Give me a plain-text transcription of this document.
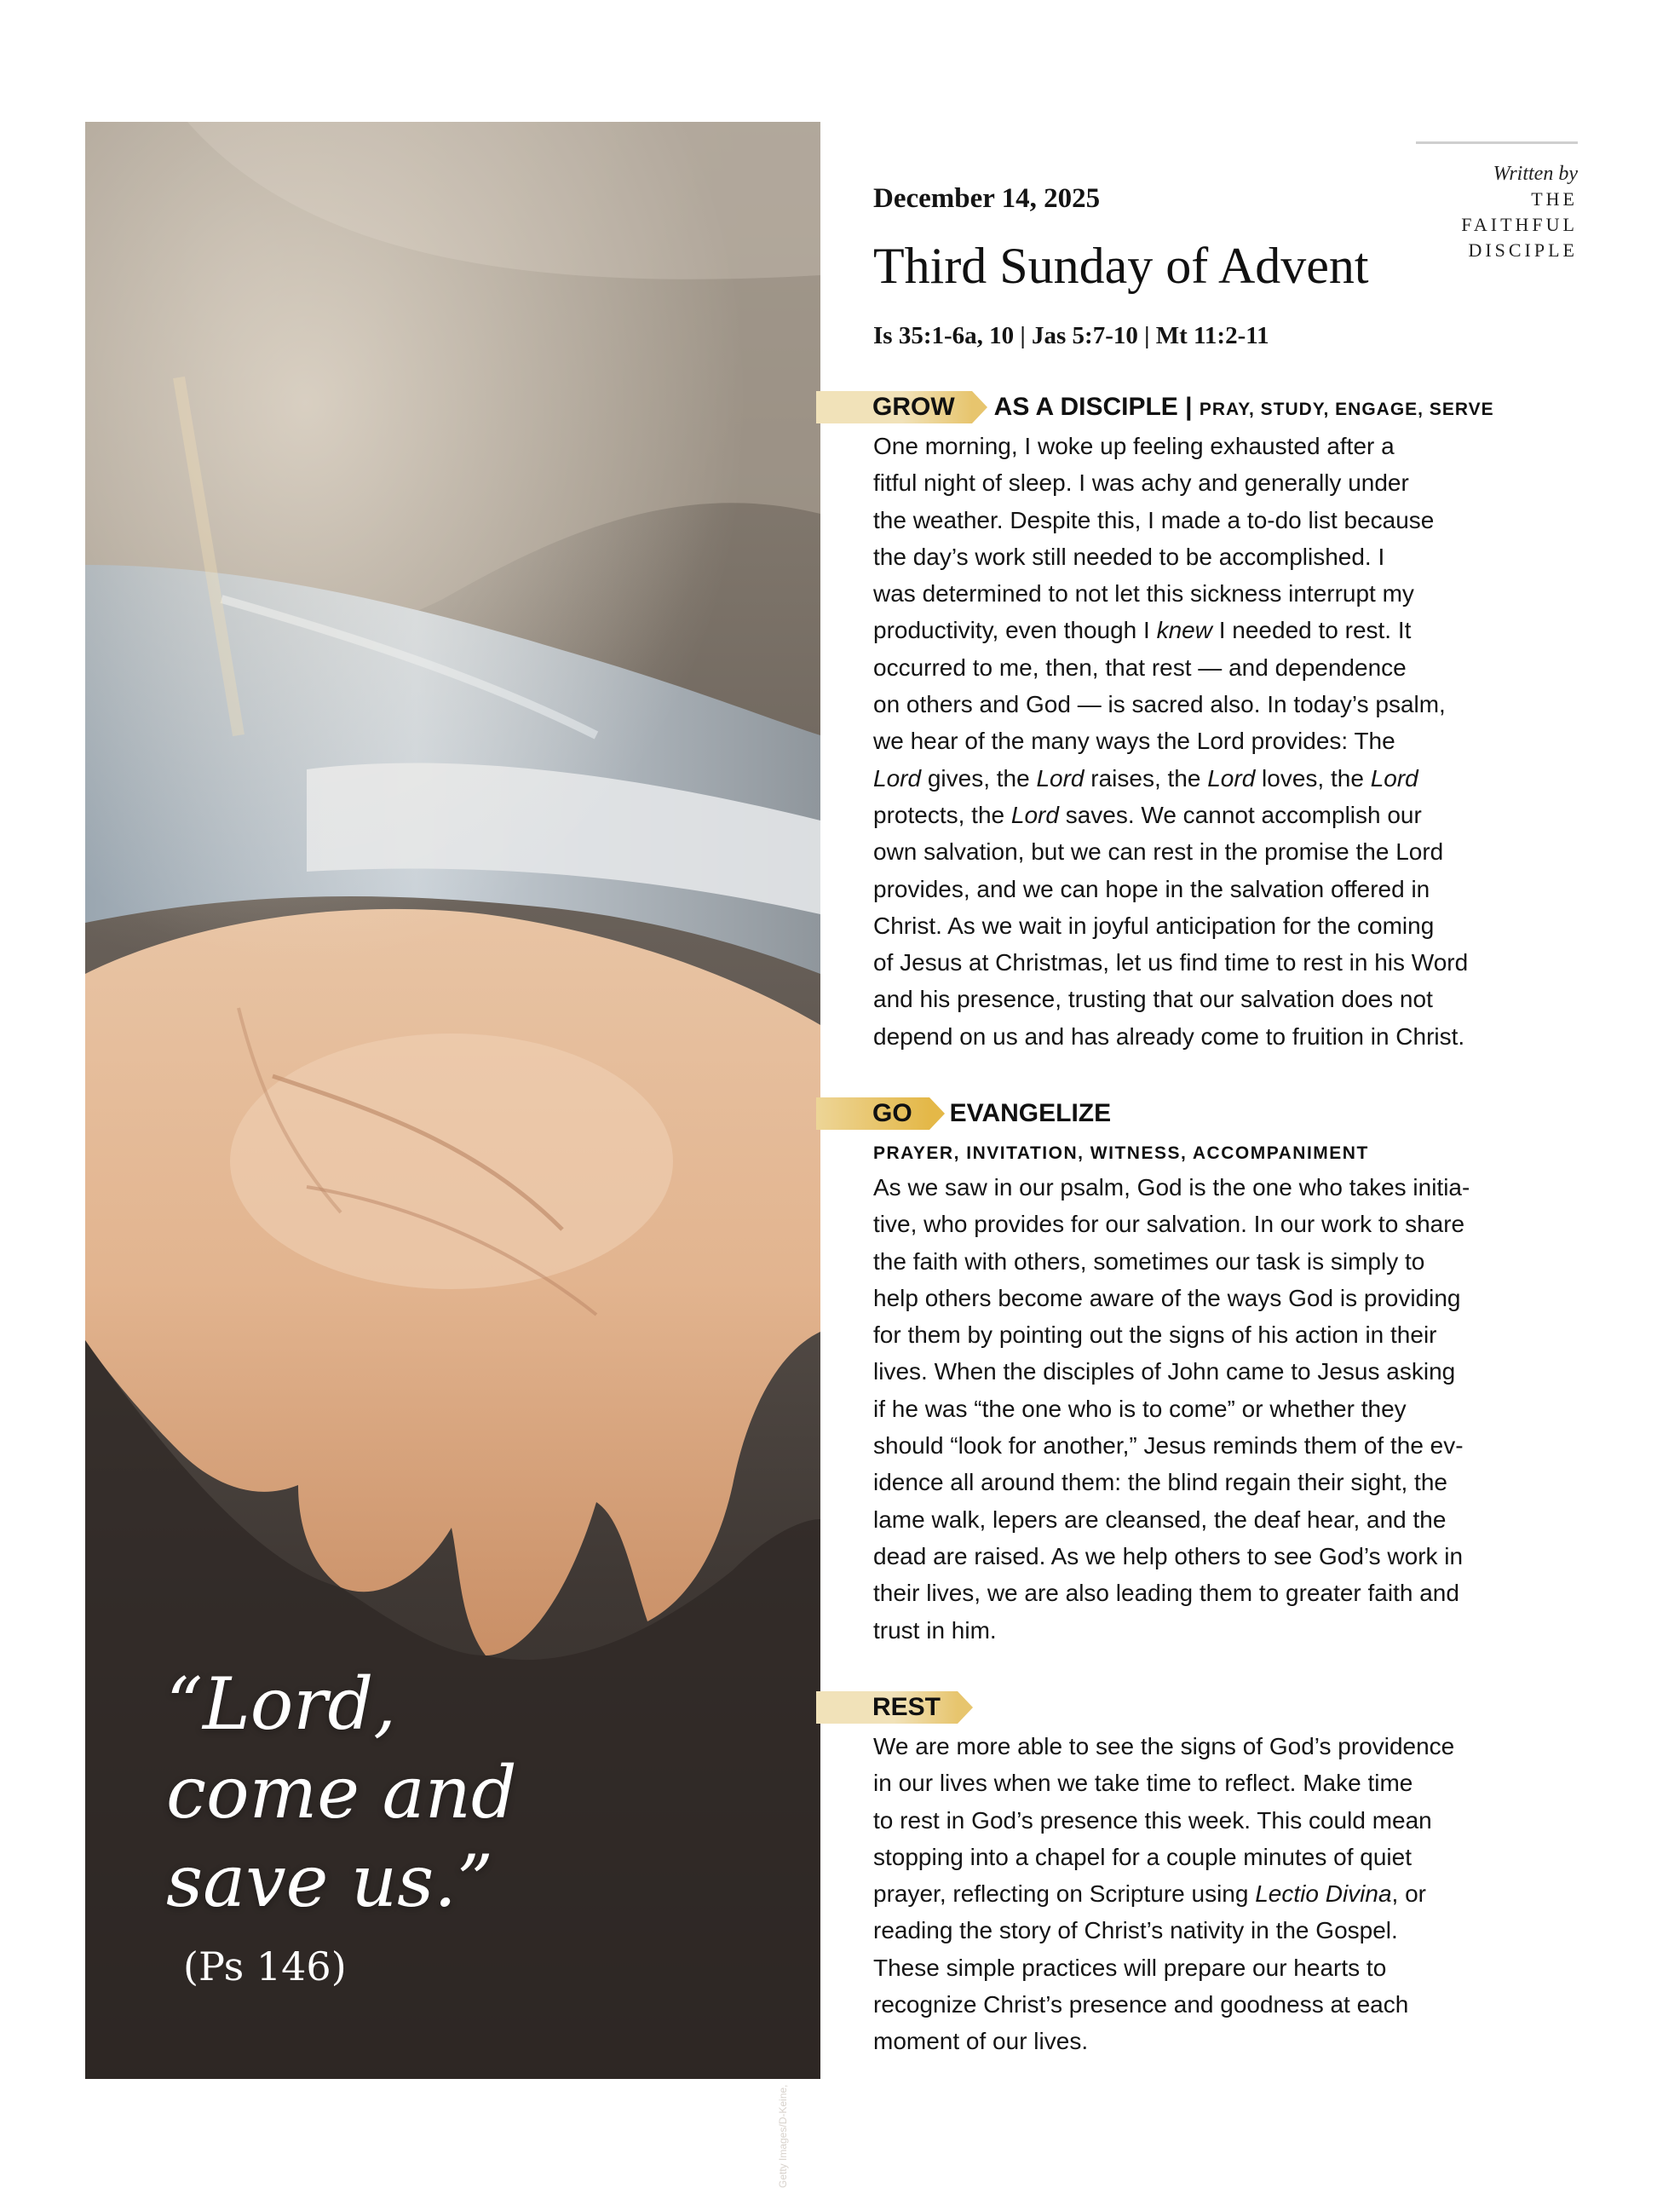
“Lord,
come and
save us.”
(Ps 146)
Getty Images/D-Keine,
Written by
THE
FAITHFUL
DISCIPLE
December 14, 2025
Third Sunday of Advent
Is 35:1-6a, 10 | Jas 5:7-10 | Mt 11:2-11
GROW	AS A DISCIPLE | PRAY, STUDY, ENGAGE, SERVE
One morning, I woke up feeling exhausted after a
fitful night of sleep. I was achy and generally under
the weather. Despite this, I made a to-do list because
the day’s work still needed to be accomplished. I
was determined to not let this sickness interrupt my
productivity, even though I knew I needed to rest. It
occurred to me, then, that rest — and dependence
on others and God — is sacred also. In today’s psalm,
we hear of the many ways the Lord provides: The
Lord gives, the Lord raises, the Lord loves, the Lord
protects, the Lord saves. We cannot accomplish our
own salvation, but we can rest in the promise the Lord
provides, and we can hope in the salvation offered in
Christ. As we wait in joyful anticipation for the coming
of Jesus at Christmas, let us find time to rest in his Word
and his presence, trusting that our salvation does not
depend on us and has already come to fruition in Christ.
GO	EVANGELIZE
PRAYER, INVITATION, WITNESS, ACCOMPANIMENT
As we saw in our psalm, God is the one who takes initia-
tive, who provides for our salvation. In our work to share
the faith with others, sometimes our task is simply to
help others become aware of the ways God is providing
for them by pointing out the signs of his action in their
lives. When the disciples of John came to Jesus asking
if he was “the one who is to come” or whether they
should “look for another,” Jesus reminds them of the ev-
idence all around them: the blind regain their sight, the
lame walk, lepers are cleansed, the deaf hear, and the
dead are raised. As we help others to see God’s work in
their lives, we are also leading them to greater faith and
trust in him.
REST
We are more able to see the signs of God’s providence
in our lives when we take time to reflect. Make time
to rest in God’s presence this week. This could mean
stopping into a chapel for a couple minutes of quiet
prayer, reflecting on Scripture using Lectio Divina, or
reading the story of Christ’s nativity in the Gospel.
These simple practices will prepare our hearts to
recognize Christ’s presence and goodness at each
moment of our lives.
